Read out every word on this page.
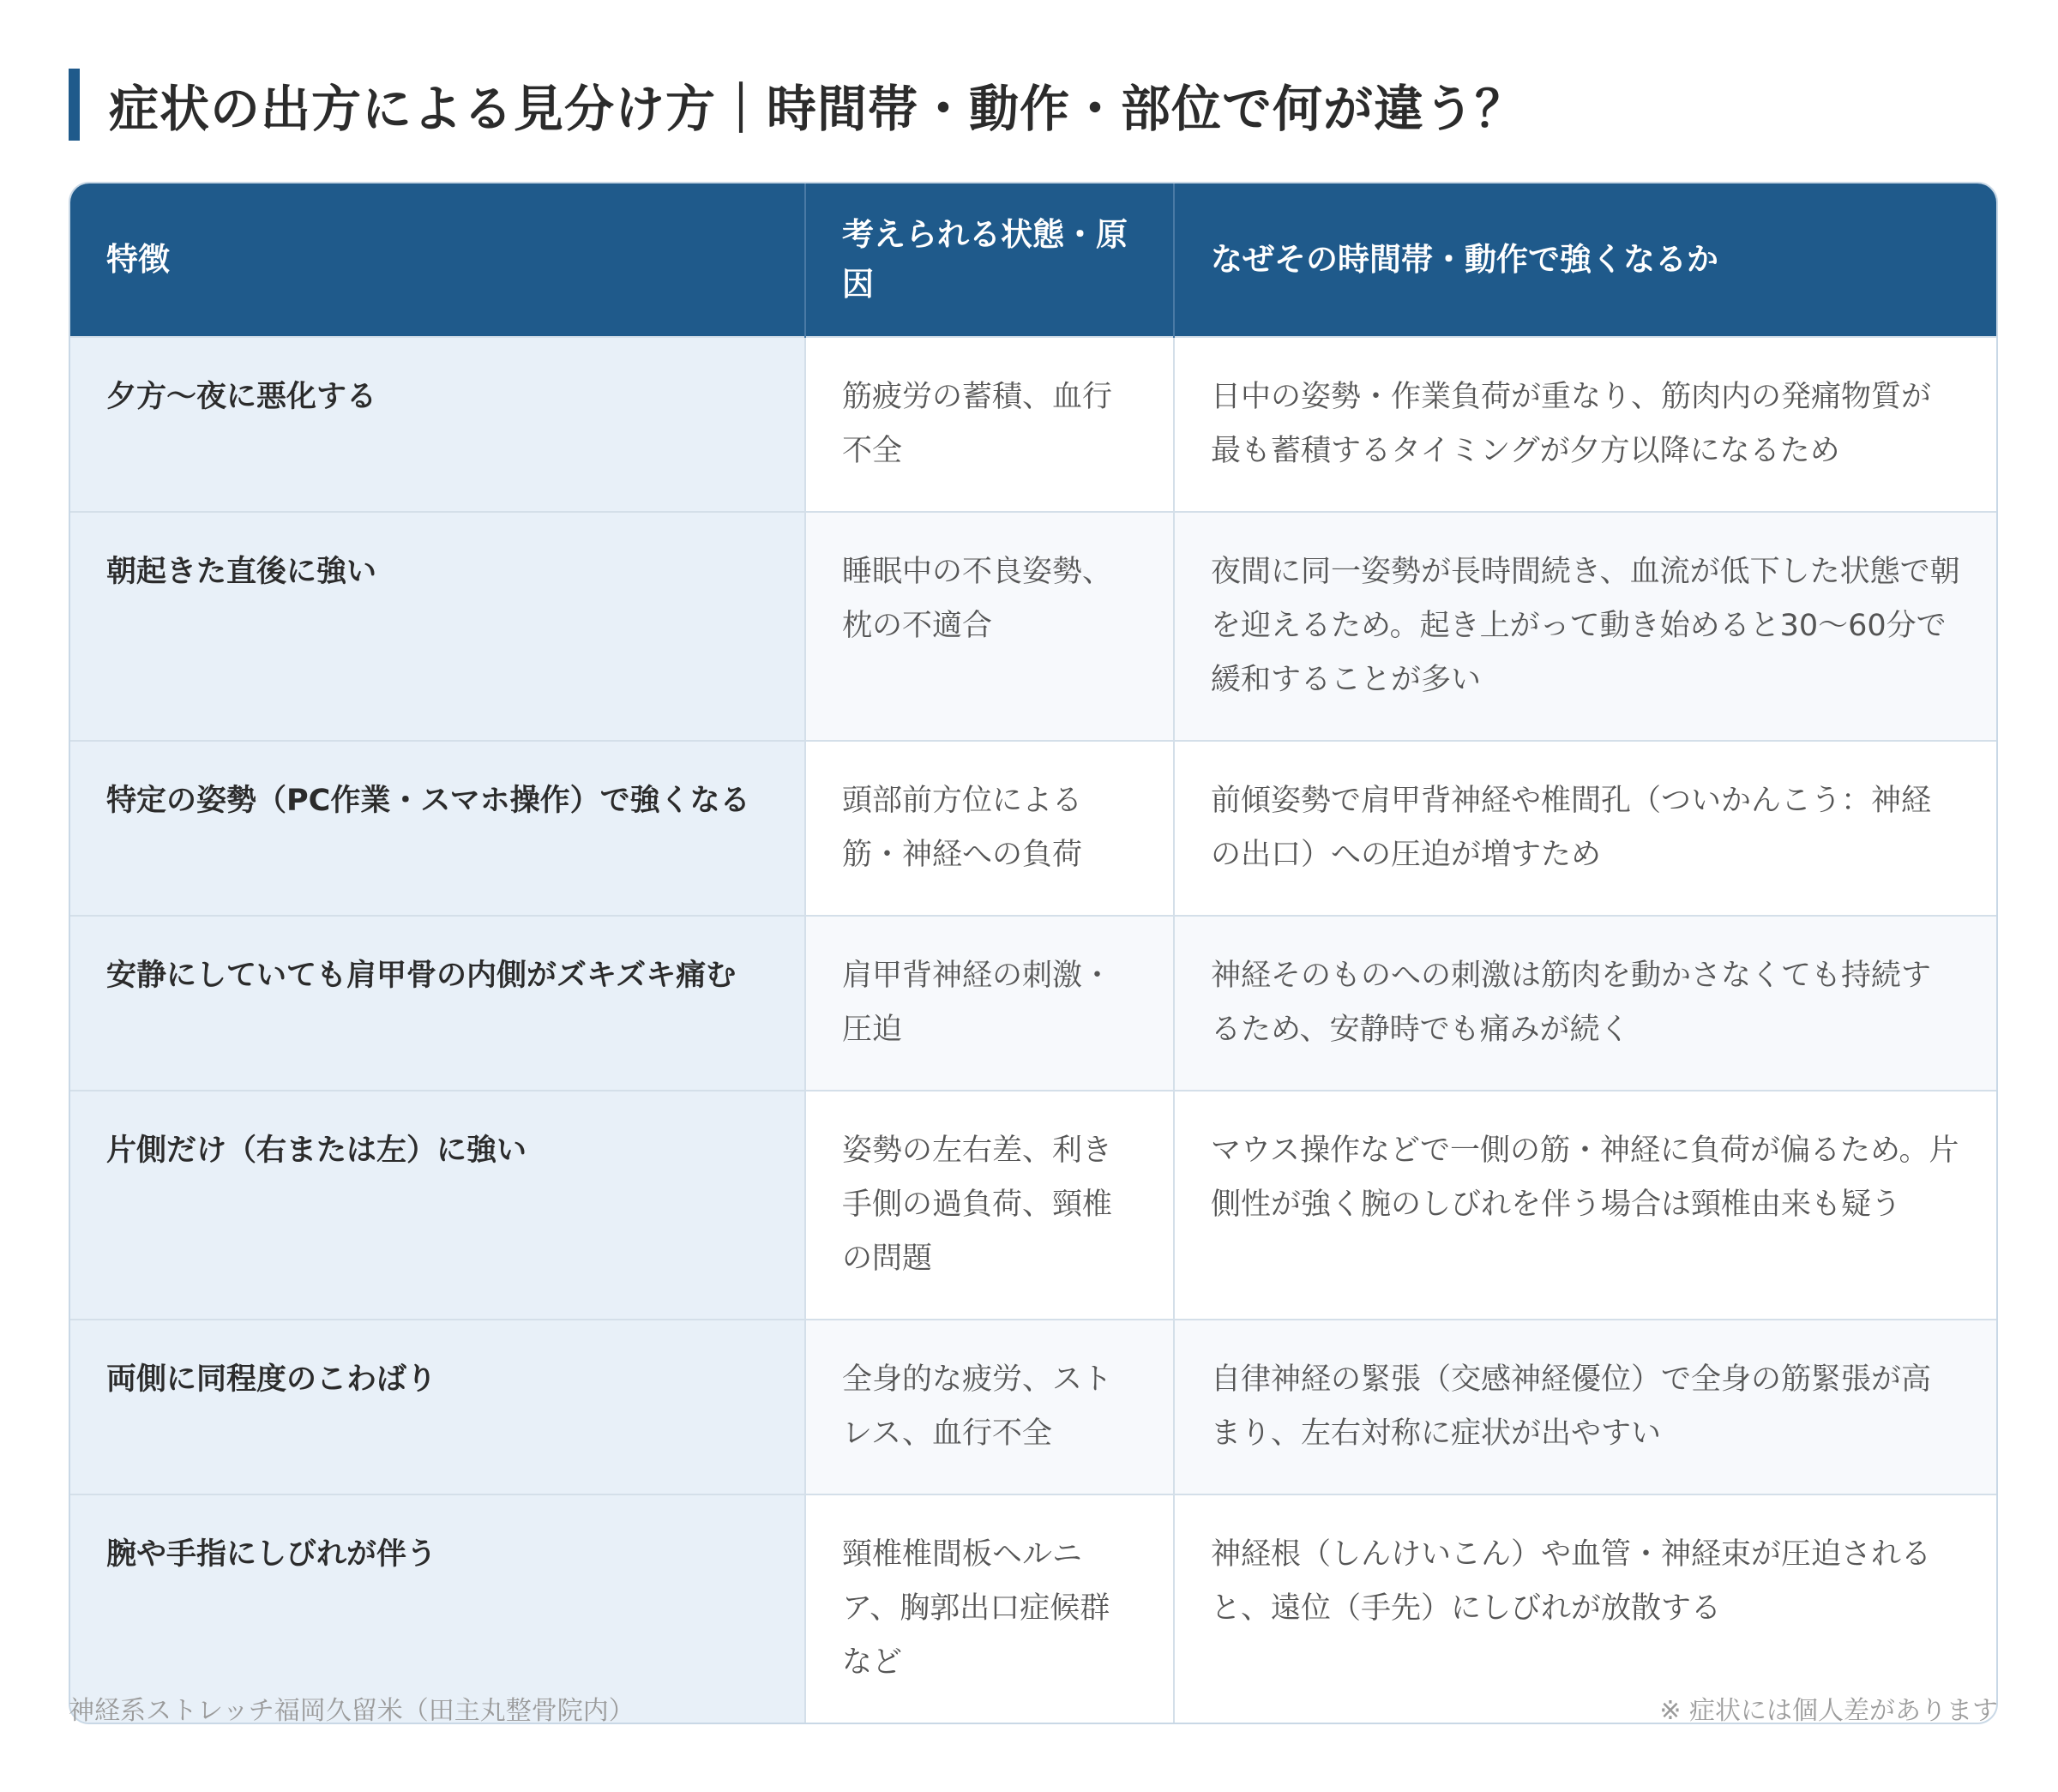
症状の出方による見分け方｜時間帯・動作・部位で何が違う？
特徴	考えられる状態・原因	なぜその時間帯・動作で強くなるか
夕方〜夜に悪化する	筋疲労の蓄積、血行不全	日中の姿勢・作業負荷が重なり、筋肉内の発痛物質が最も蓄積するタイミングが夕方以降になるため
朝起きた直後に強い	睡眠中の不良姿勢、枕の不適合	夜間に同一姿勢が長時間続き、血流が低下した状態で朝を迎えるため。起き上がって動き始めると30〜60分で緩和することが多い
特定の姿勢（PC作業・スマホ操作）で強くなる	頭部前方位による筋・神経への負荷	前傾姿勢で肩甲背神経や椎間孔（ついかんこう：神経の出口）への圧迫が増すため
安静にしていても肩甲骨の内側がズキズキ痛む	肩甲背神経の刺激・圧迫	神経そのものへの刺激は筋肉を動かさなくても持続するため、安静時でも痛みが続く
片側だけ（右または左）に強い	姿勢の左右差、利き手側の過負荷、頸椎の問題	マウス操作などで一側の筋・神経に負荷が偏るため。片側性が強く腕のしびれを伴う場合は頸椎由来も疑う
両側に同程度のこわばり	全身的な疲労、ストレス、血行不全	自律神経の緊張（交感神経優位）で全身の筋緊張が高まり、左右対称に症状が出やすい
腕や手指にしびれが伴う	頸椎椎間板ヘルニア、胸郭出口症候群など	神経根（しんけいこん）や血管・神経束が圧迫されると、遠位（手先）にしびれが放散する
神経系ストレッチ福岡久留米（田主丸整骨院内）	※ 症状には個人差があります
